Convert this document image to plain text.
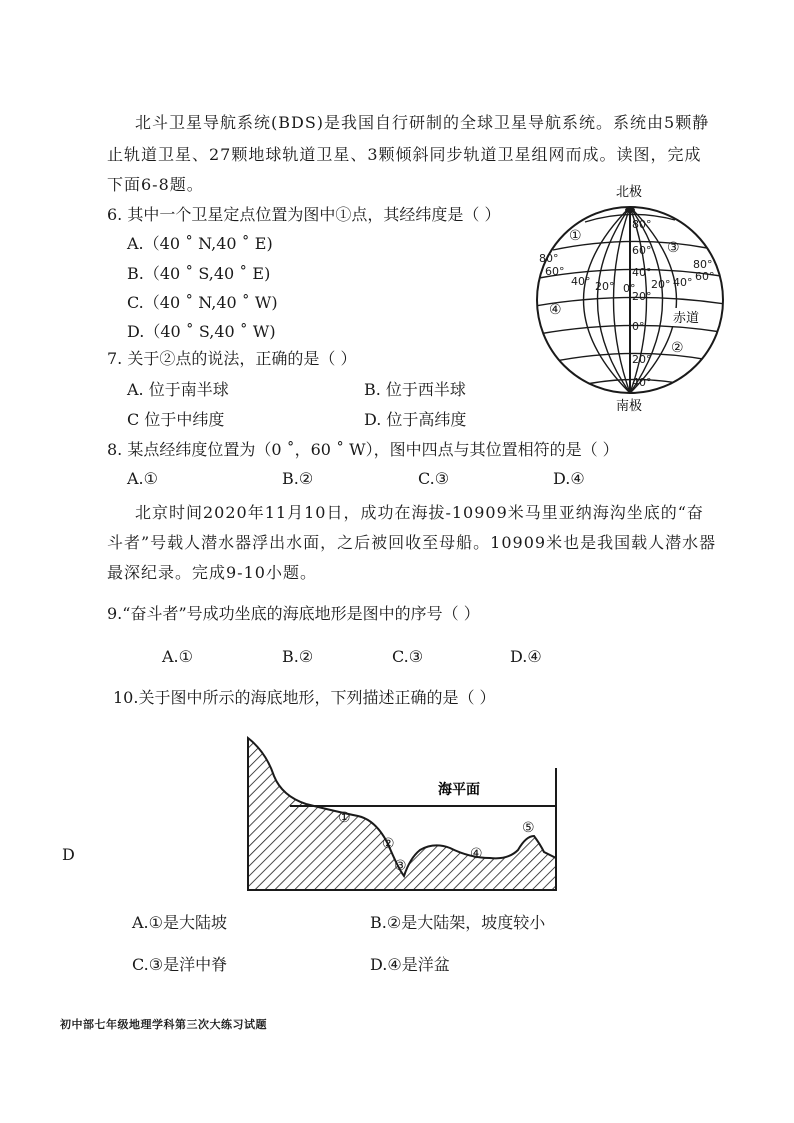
北斗卫星导航系统(BDS)是我国自行研制的全球卫星导航系统。系统由5颗静
止轨道卫星、27颗地球轨道卫星、3颗倾斜同步轨道卫星组网而成。读图，完成
下面6-8题。
6. 其中一个卫星定点位置为图中①点，其经纬度是（ ）
A.（40 ˚ N,40 ˚ E)
B.（40 ˚ S,40 ˚ E)
C.（40 ˚ N,40 ˚ W)
D.（40 ˚ S,40 ˚ W)
7. 关于②点的说法，正确的是（ ）
A. 位于南半球	B. 位于西半球
C 位于中纬度	D. 位于高纬度
8. 某点经纬度位置为（0 ˚，60 ˚ W），图中四点与其位置相符的是（ ）
A.①	B.②	C.③	D.④
北京时间2020年11月10日，成功在海拔-10909米马里亚纳海沟坐底的“奋
斗者”号载人潜水器浮出水面，之后被回收至母船。10909米也是我国载人潜水器
最深纪录。完成9-10小题。
9.“奋斗者”号成功坐底的海底地形是图中的序号（ ）
A.①	B.②	C.③	D.④
10.关于图中所示的海底地形，下列描述正确的是（ ）
D
A.①是大陆坡	B.②是大陆架，坡度较小
C.③是洋中脊	D.④是洋盆
初中部七年级地理学科第三次大练习试题
北极
南极
80°
60°
40°
20°
0°
20°
40°
80°
60°
40° 20° 0° 20° 40° 60°
80°
赤道
①
②
③
④
海平面
①
②
③
④
⑤
